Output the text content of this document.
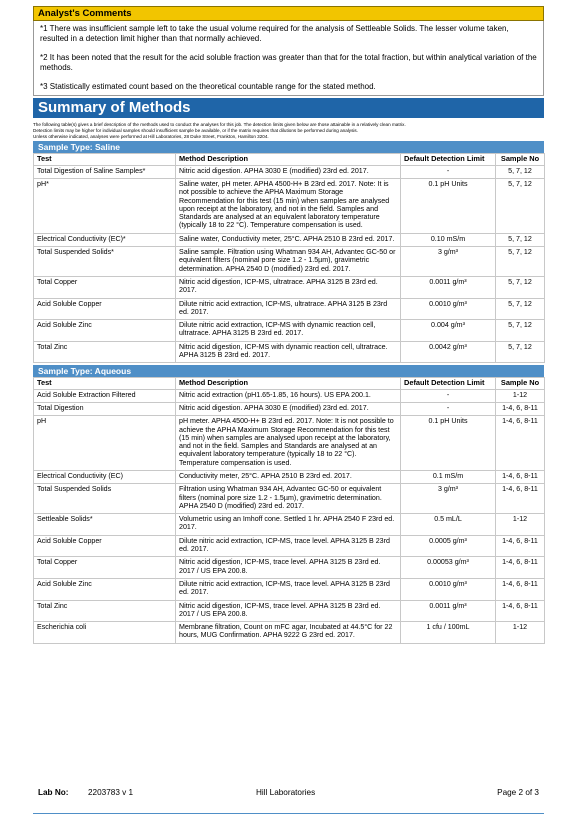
Analyst's Comments

*1 There was insufficient sample left to take the usual volume required for the analysis of Settleable Solids. The lesser volume taken, resulted in a detection limit higher than that normally achieved.

*2 It has been noted that the result for the acid soluble fraction was greater than that for the total fraction, but within analytical variation of the methods.

*3 Statistically estimated count based on the theoretical countable range for the stated method.

Summary of Methods
The following table(s) gives a brief description of the methods used to conduct the analyses for this job. The detection limits given below are those attainable in a relatively clean matrix.
Detection limits may be higher for individual samples should insufficient sample be available, or if the matrix requires that dilutions be performed during analysis.
Unless otherwise indicated, analyses were performed at Hill Laboratories, 28 Duke Street, Frankton, Hamilton 3204.
Sample Type: Saline
Test	Method Description	Default Detection Limit	Sample No
Total Digestion of Saline Samples*	Nitric acid digestion. APHA 3030 E (modified) 23rd ed. 2017.	-	5, 7, 12
pH*	Saline water, pH meter. APHA 4500-H+ B 23rd ed. 2017. Note: It is not possible to achieve the APHA Maximum Storage Recommendation for this test (15 min) when samples are analysed upon receipt at the laboratory, and not in the field. Samples and Standards are analysed at an equivalent laboratory temperature (typically 18 to 22 °C). Temperature compensation is used.	0.1 pH Units	5, 7, 12
Electrical Conductivity (EC)*	Saline water, Conductivity meter, 25°C. APHA 2510 B 23rd ed. 2017.	0.10 mS/m	5, 7, 12
Total Suspended Solids*	Saline sample. Filtration using Whatman 934 AH, Advantec GC-50 or equivalent filters (nominal pore size 1.2 - 1.5µm), gravimetric determination. APHA 2540 D (modified) 23rd ed. 2017.	3 g/m³	5, 7, 12
Total Copper	Nitric acid digestion, ICP-MS, ultratrace. APHA 3125 B 23rd ed. 2017.	0.0011 g/m³	5, 7, 12
Acid Soluble Copper	Dilute nitric acid extraction, ICP-MS, ultratrace. APHA 3125 B 23rd ed. 2017.	0.0010 g/m³	5, 7, 12
Acid Soluble Zinc	Dilute nitric acid extraction, ICP-MS with dynamic reaction cell, ultratrace. APHA 3125 B 23rd ed. 2017.	0.004 g/m³	5, 7, 12
Total Zinc	Nitric acid digestion, ICP-MS with dynamic reaction cell, ultratrace. APHA 3125 B 23rd ed. 2017.	0.0042 g/m³	5, 7, 12
Sample Type: Aqueous
Test	Method Description	Default Detection Limit	Sample No
Acid Soluble Extraction Filtered	Nitric acid extraction (pH1.65-1.85, 16 hours). US EPA 200.1.	-	1-12
Total Digestion	Nitric acid digestion. APHA 3030 E (modified) 23rd ed. 2017.	-	1-4, 6, 8-11
pH	pH meter. APHA 4500-H+ B 23rd ed. 2017. Note: It is not possible to achieve the APHA Maximum Storage Recommendation for this test (15 min) when samples are analysed upon receipt at the laboratory, and not in the field. Samples and Standards are analysed at an equivalent laboratory temperature (typically 18 to 22 °C). Temperature compensation is used.	0.1 pH Units	1-4, 6, 8-11
Electrical Conductivity (EC)	Conductivity meter, 25°C. APHA 2510 B 23rd ed. 2017.	0.1 mS/m	1-4, 6, 8-11
Total Suspended Solids	Filtration using Whatman 934 AH, Advantec GC-50 or equivalent filters (nominal pore size 1.2 - 1.5µm), gravimetric determination. APHA 2540 D (modified) 23rd ed. 2017.	3 g/m³	1-4, 6, 8-11
Settleable Solids*	Volumetric using an Imhoff cone. Settled 1 hr. APHA 2540 F 23rd ed. 2017.	0.5 mL/L	1-12
Acid Soluble Copper	Dilute nitric acid extraction, ICP-MS, trace level. APHA 3125 B 23rd ed. 2017.	0.0005 g/m³	1-4, 6, 8-11
Total Copper	Nitric acid digestion, ICP-MS, trace level. APHA 3125 B 23rd ed. 2017 / US EPA 200.8.	0.00053 g/m³	1-4, 6, 8-11
Acid Soluble Zinc	Dilute nitric acid extraction, ICP-MS, trace level. APHA 3125 B 23rd ed. 2017.	0.0010 g/m³	1-4, 6, 8-11
Total Zinc	Nitric acid digestion, ICP-MS, trace level. APHA 3125 B 23rd ed. 2017 / US EPA 200.8.	0.0011 g/m³	1-4, 6, 8-11
Escherichia coli	Membrane filtration, Count on mFC agar, Incubated at 44.5°C for 22 hours, MUG Confirmation. APHA 9222 G 23rd ed. 2017.	1 cfu / 100mL	1-12
Lab No: 2203783 v 1	Hill Laboratories	Page 2 of 3
